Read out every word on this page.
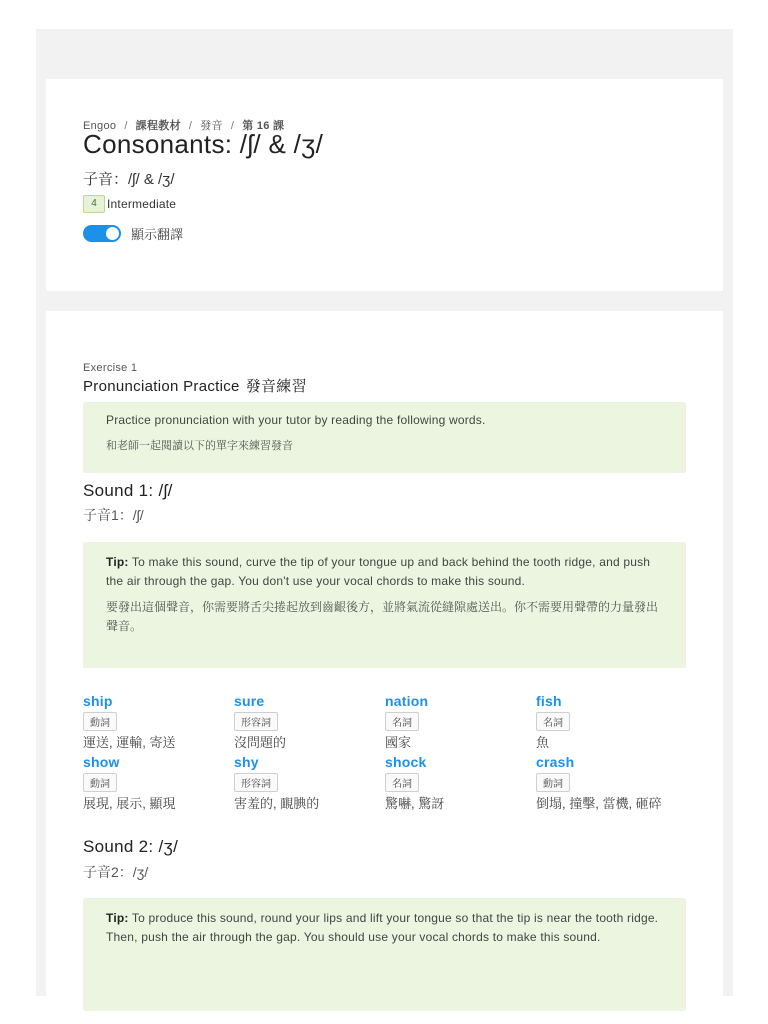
Engoo / 課程教材 / 發音 / 第 16 課
Consonants: /ʃ/ & /ʒ/
子音：/ʃ/ & /ʒ/
4 Intermediate
顯示翻譯
Exercise 1
Pronunciation Practice 發音練習
Practice pronunciation with your tutor by reading the following words.
和老師一起閱讀以下的單字來練習發音
Sound 1: /ʃ/
子音1：/ʃ/
Tip: To make this sound, curve the tip of your tongue up and back behind the tooth ridge, and push the air through the gap. You don't use your vocal chords to make this sound.
要發出這個聲音，你需要將舌尖捲起放到齒齦後方，並將氣流從縫隙處送出。你不需要用聲帶的力量發出聲音。
ship
動詞
運送, 運輸, 寄送
sure
形容詞
沒問題的
nation
名詞
國家
fish
名詞
魚
show
動詞
展現, 展示, 顯現
shy
形容詞
害羞的, 靦腆的
shock
名詞
驚嚇, 驚訝
crash
動詞
倒塌, 撞擊, 當機, 砸碎
Sound 2: /ʒ/
子音2：/ʒ/
Tip: To produce this sound, round your lips and lift your tongue so that the tip is near the tooth ridge. Then, push the air through the gap. You should use your vocal chords to make this sound.
